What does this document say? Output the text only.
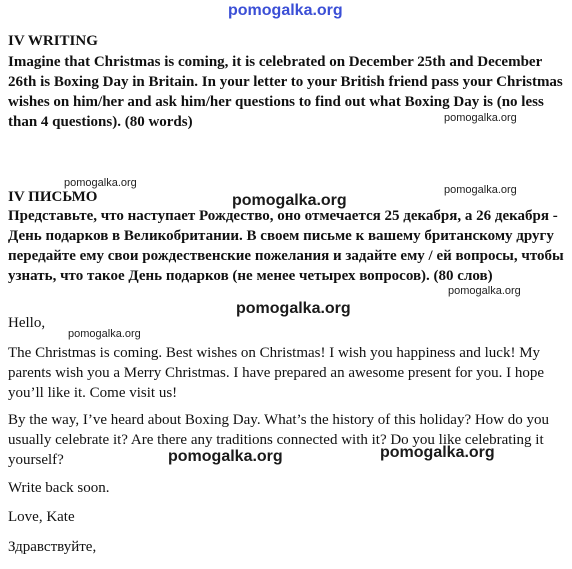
pomogalka.org
IV WRITING
Imagine that Christmas is coming, it is celebrated on December 25th and December 26th is Boxing Day in Britain. In your letter to your British friend pass your Christmas wishes on him/her and ask him/her questions to find out what Boxing Day is (no less than 4 questions). (80 words)	pomogalka.org
pomogalka.org
pomogalka.org
IV ПИСЬМО	pomogalka.org
Представьте, что наступает Рождество, оно отмечается 25 декабря, а 26 декабря - День подарков в Великобритании. В своем письме к вашему британскому другу передайте ему свои рождественские пожелания и задайте ему / ей вопросы, чтобы узнать, что такое День подарков (не менее четырех вопросов). (80 слов)
pomogalka.org
pomogalka.org
Hello,
pomogalka.org
The Christmas is coming. Best wishes on Christmas! I wish you happiness and luck! My parents wish you a Merry Christmas. I have prepared an awesome present for you. I hope you’ll like it. Come visit us!
By the way, I’ve heard about Boxing Day. What’s the history of this holiday? How do you usually celebrate it? Are there any traditions connected with it? Do you like celebrating it yourself?	pomogalka.org
pomogalka.org
Write back soon.
Love, Kate
Здравствуйте,
